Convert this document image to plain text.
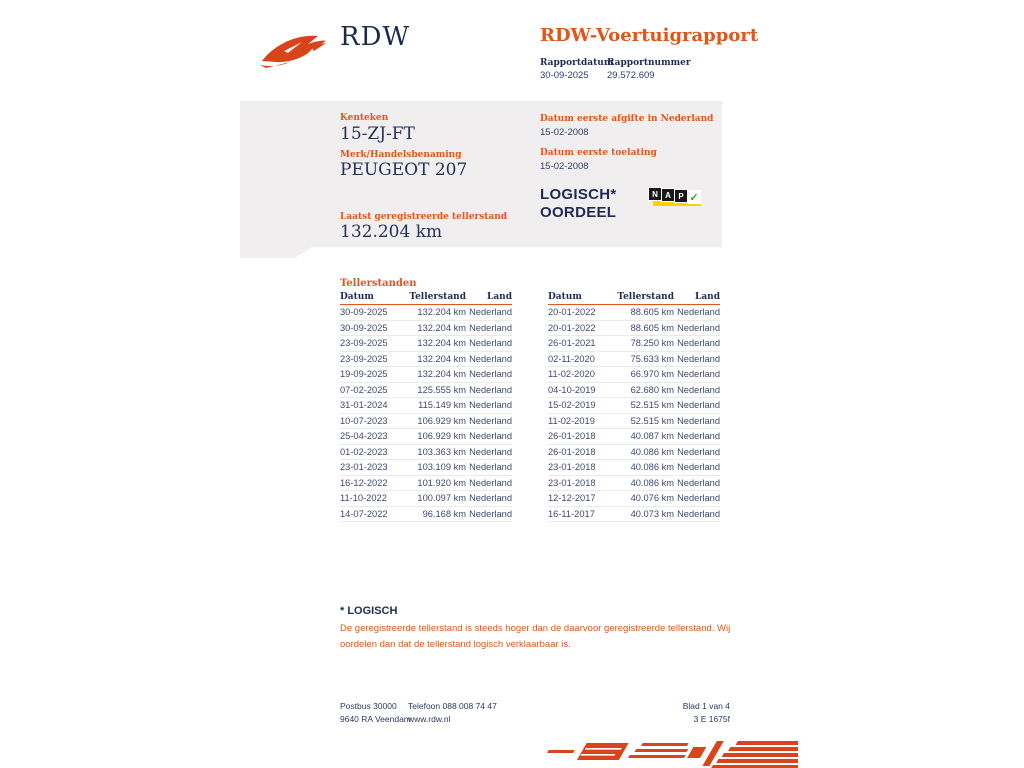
RDW	RDW-Voertuigrapport
Rapportdatum
30-09-2025
Rapportnummer
29.572.609
Kenteken
15-ZJ-FT
Merk/Handelsbenaming
PEUGEOT 207
Laatst geregistreerde tellerstand
132.204 km
Datum eerste afgifte in Nederland
15-02-2008
Datum eerste toelating
15-02-2008
LOGISCH*
OORDEEL
N A P ✓
Tellerstanden
Datum	Tellerstand	Land
30-09-2025	132.204 km Nederland
30-09-2025	132.204 km Nederland
23-09-2025	132.204 km Nederland
23-09-2025	132.204 km Nederland
19-09-2025	132.204 km Nederland
07-02-2025	125.555 km Nederland
31-01-2024	115.149 km Nederland
10-07-2023	106.929 km Nederland
25-04-2023	106.929 km Nederland
01-02-2023	103.363 km Nederland
23-01-2023	103.109 km Nederland
16-12-2022	101.920 km Nederland
11-10-2022	100.097 km Nederland
14-07-2022	96.168 km Nederland
Datum	Tellerstand	Land
20-01-2022	88.605 km Nederland
20-01-2022	88.605 km Nederland
26-01-2021	78.250 km Nederland
02-11-2020	75.633 km Nederland
11-02-2020	66.970 km Nederland
04-10-2019	62.680 km Nederland
15-02-2019	52.515 km Nederland
11-02-2019	52.515 km Nederland
26-01-2018	40.087 km Nederland
26-01-2018	40.086 km Nederland
23-01-2018	40.086 km Nederland
23-01-2018	40.086 km Nederland
12-12-2017	40.076 km Nederland
16-11-2017	40.073 km Nederland
* LOGISCH
De geregistreerde tellerstand is steeds hoger dan de daarvoor geregistreerde tellerstand. Wij oordelen dan dat de tellerstand logisch verklaarbaar is.
Postbus 30000
9640 RA Veendam
Telefoon 088 008 74 47
www.rdw.nl
Blad 1 van 4
3 E 1675f
